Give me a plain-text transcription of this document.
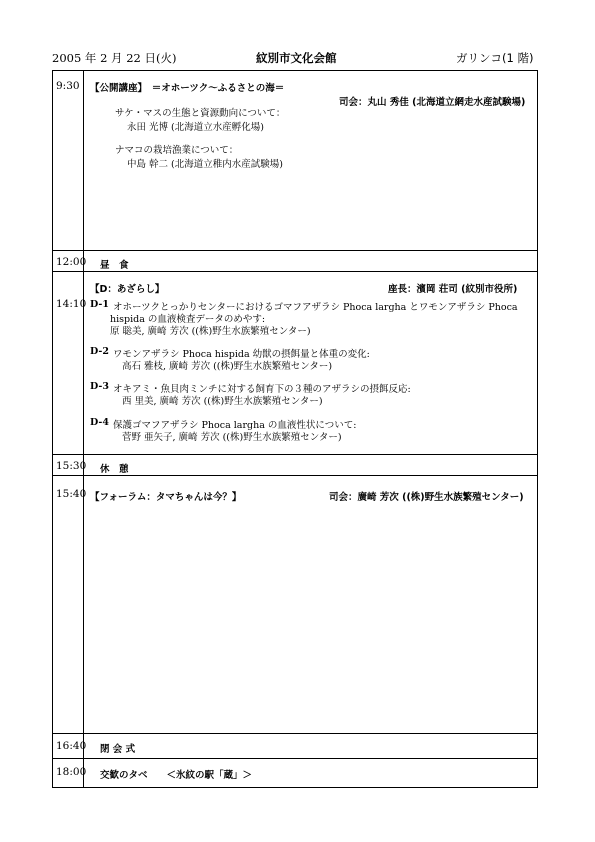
2005 年 2 月 22 日(火)	紋別市文化会館	ガリンコ(1 階)
9:30 【公開講座】　＝オホーツク～ふるさとの海＝
司会：丸山 秀佳 (北海道立網走水産試験場)
サケ・マスの生態と資源動向について：
永田 光博 (北海道立水産孵化場)
ナマコの栽培漁業について：
中島 幹二 (北海道立稚内水産試験場)
12:00 昼　食
【D：あざらし】	座長：濱岡 荘司 (紋別市役所)
14:10 D-1 オホーツクとっかりセンターにおけるゴマフアザラシ Phoca largha とワモンアザラシ Phoca
hispida の血液検査データのめやす:
原 聡美, 廣崎 芳次 ((株)野生水族繁殖センター)
D-2 ワモンアザラシ Phoca hispida 幼獣の摂餌量と体重の変化:
高石 雅枝, 廣崎 芳次 ((株)野生水族繁殖センター)
D-3 オキアミ・魚貝肉ミンチに対する飼育下の３種のアザラシの摂餌反応:
西 里美, 廣崎 芳次 ((株)野生水族繁殖センター)
D-4 保護ゴマフアザラシ Phoca largha の血液性状について:
菅野 亜矢子, 廣崎 芳次 ((株)野生水族繁殖センター)
15:30 休　憩
15:40 【フォーラム：タマちゃんは今？】	司会：廣崎 芳次 ((株)野生水族繁殖センター)
16:40 閉 会 式
18:00 交歓のタベ　　＜氷紋の駅「蔵」＞
